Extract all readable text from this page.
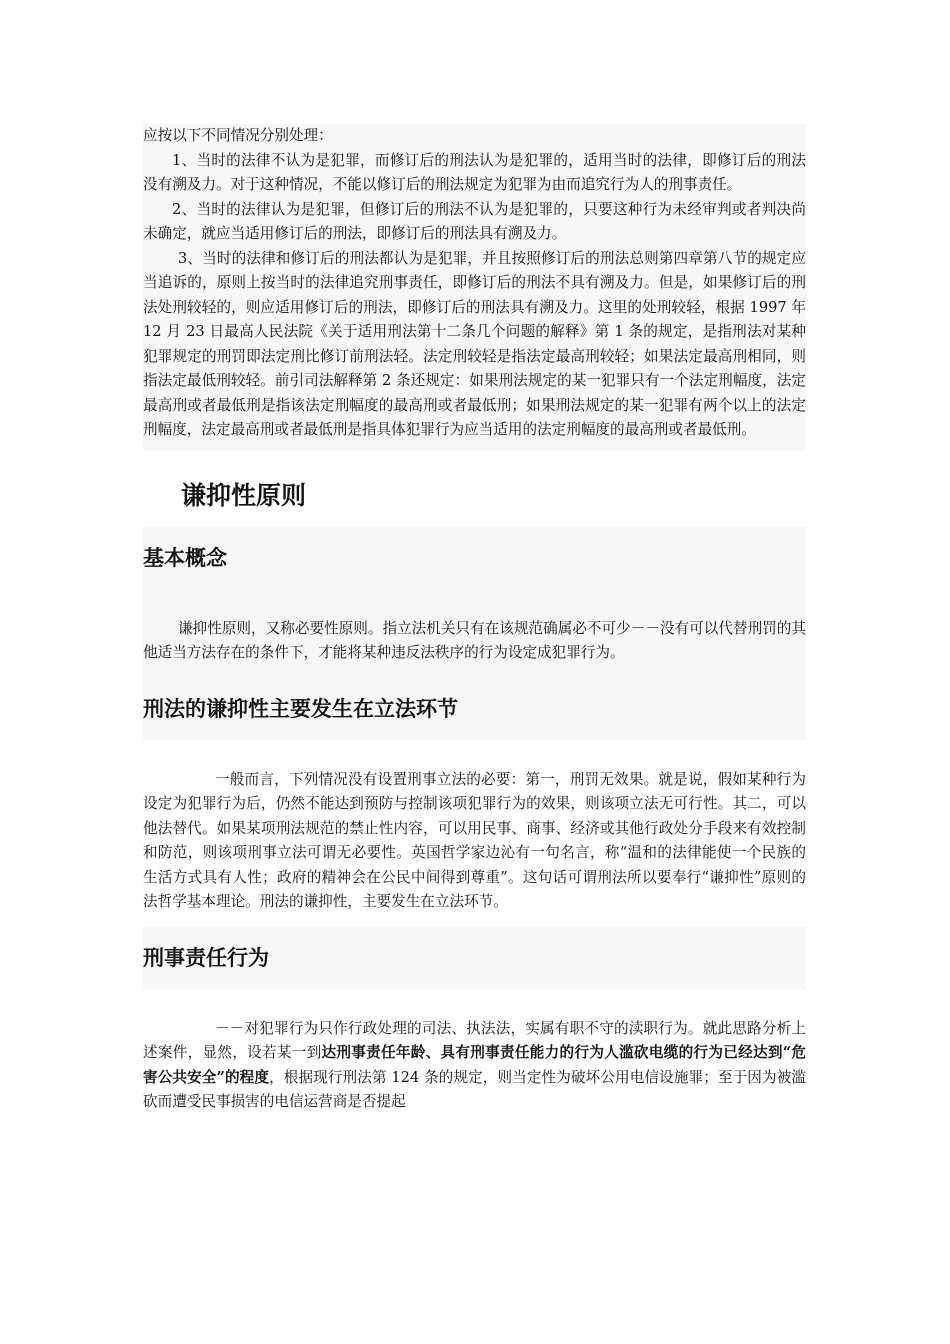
应按以下不同情况分别处理：

1、当时的法律不认为是犯罪，而修订后的刑法认为是犯罪的，适用当时的法律，即修订后的刑法没有溯及力。对于这种情况，不能以修订后的刑法规定为犯罪为由而追究行为人的刑事责任。

2、当时的法律认为是犯罪，但修订后的刑法不认为是犯罪的，只要这种行为未经审判或者判决尚未确定，就应当适用修订后的刑法，即修订后的刑法具有溯及力。

3、当时的法律和修订后的刑法都认为是犯罪，并且按照修订后的刑法总则第四章第八节的规定应当追诉的，原则上按当时的法律追究刑事责任，即修订后的刑法不具有溯及力。但是，如果修订后的刑法处刑较轻的，则应适用修订后的刑法，即修订后的刑法具有溯及力。这里的处刑较轻，根据 1997 年 12 月 23 日最高人民法院《关于适用刑法第十二条几个问题的解释》第 1 条的规定，是指刑法对某种犯罪规定的刑罚即法定刑比修订前刑法轻。法定刑较轻是指法定最高刑较轻；如果法定最高刑相同，则指法定最低刑较轻。前引司法解释第 2 条还规定：如果刑法规定的某一犯罪只有一个法定刑幅度，法定最高刑或者最低刑是指该法定刑幅度的最高刑或者最低刑；如果刑法规定的某一犯罪有两个以上的法定刑幅度，法定最高刑或者最低刑是指具体犯罪行为应当适用的法定刑幅度的最高刑或者最低刑。

谦抑性原则
基本概念

谦抑性原则，又称必要性原则。指立法机关只有在该规范确属必不可少－－没有可以代替刑罚的其他适当方法存在的条件下，才能将某种违反法秩序的行为设定成犯罪行为。

刑法的谦抑性主要发生在立法环节

一般而言，下列情况没有设置刑事立法的必要：第一，刑罚无效果。就是说，假如某种行为设定为犯罪行为后，仍然不能达到预防与控制该项犯罪行为的效果，则该项立法无可行性。其二，可以他法替代。如果某项刑法规范的禁止性内容，可以用民事、商事、经济或其他行政处分手段来有效控制和防范，则该项刑事立法可谓无必要性。英国哲学家边沁有一句名言，称“温和的法律能使一个民族的生活方式具有人性；政府的精神会在公民中间得到尊重”。这句话可谓刑法所以要奉行“谦抑性”原则的法哲学基本理论。刑法的谦抑性，主要发生在立法环节。

刑事责任行为

－－对犯罪行为只作行政处理的司法、执法法，实属有职不守的渎职行为。就此思路分析上述案件，显然，设若某一到达刑事责任年龄、具有刑事责任能力的行为人滥砍电缆的行为已经达到“危害公共安全”的程度，根据现行刑法第 124 条的规定，则当定性为破坏公用电信设施罪；至于因为被滥砍而遭受民事损害的电信运营商是否提起
